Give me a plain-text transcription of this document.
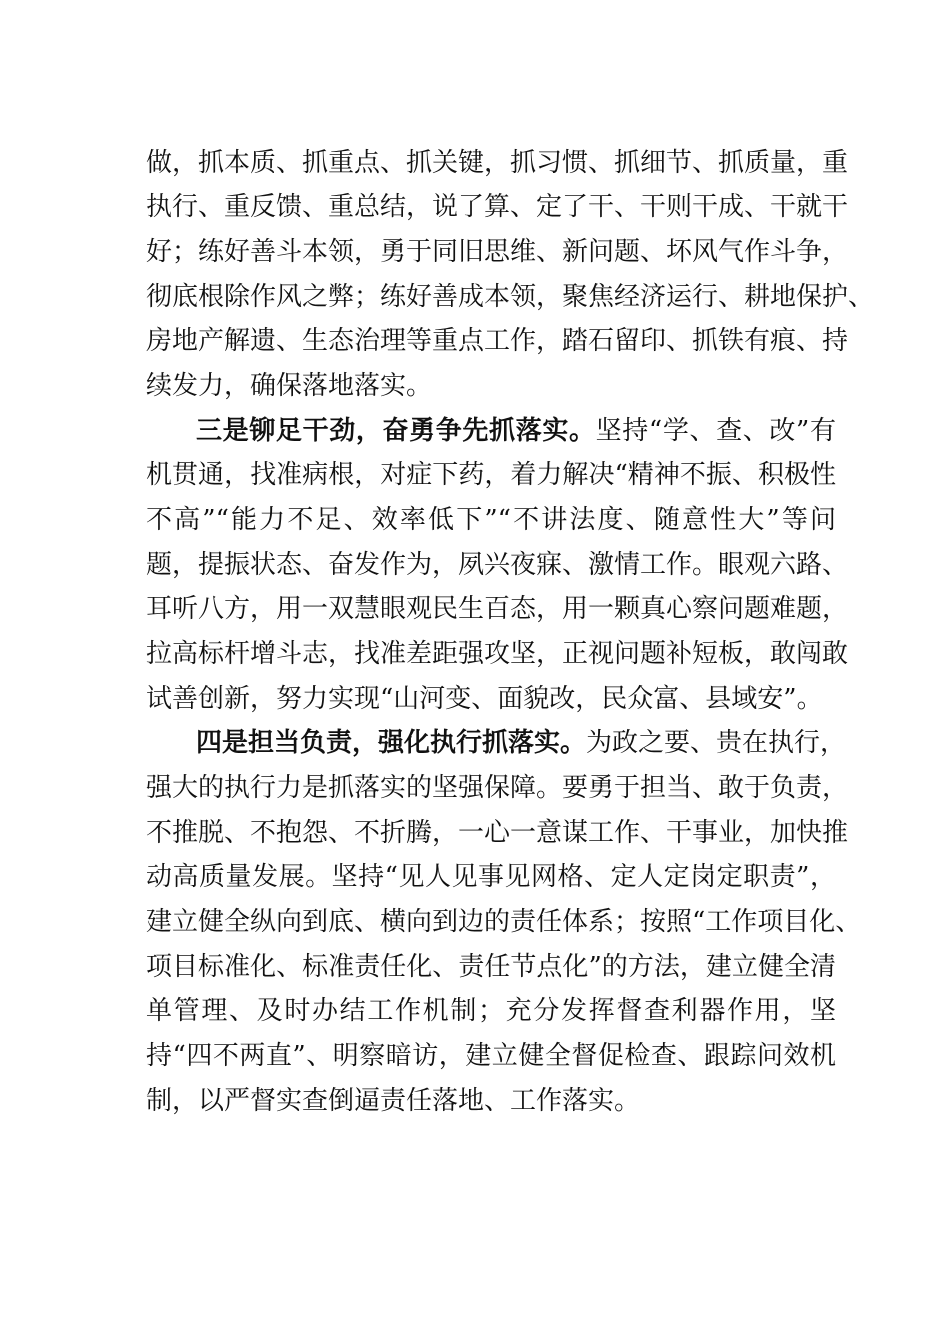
做，抓本质、抓重点、抓关键，抓习惯、抓细节、抓质量，重

执行、重反馈、重总结，说了算、定了干、干则干成、干就干

好；练好善斗本领，勇于同旧思维、新问题、坏风气作斗争，

彻底根除作风之弊；练好善成本领，聚焦经济运行、耕地保护、

房地产解遗、生态治理等重点工作，踏石留印、抓铁有痕、持

续发力，确保落地落实。

三是铆足干劲，奋勇争先抓落实。坚持“学、查、改”有

机贯通，找准病根，对症下药，着力解决“精神不振、积极性

不高”“能力不足、效率低下”“不讲法度、随意性大”等问

题，提振状态、奋发作为，夙兴夜寐、激情工作。眼观六路、

耳听八方，用一双慧眼观民生百态，用一颗真心察问题难题，

拉高标杆增斗志，找准差距强攻坚，正视问题补短板，敢闯敢

试善创新，努力实现“山河变、面貌改，民众富、县域安”。

四是担当负责，强化执行抓落实。为政之要、贵在执行，

强大的执行力是抓落实的坚强保障。要勇于担当、敢于负责，

不推脱、不抱怨、不折腾，一心一意谋工作、干事业，加快推

动高质量发展。坚持“见人见事见网格、定人定岗定职责”，

建立健全纵向到底、横向到边的责任体系；按照“工作项目化、

项目标准化、标准责任化、责任节点化”的方法，建立健全清

单管理、及时办结工作机制；充分发挥督查利器作用，坚

持“四不两直”、明察暗访，建立健全督促检查、跟踪问效机

制，以严督实查倒逼责任落地、工作落实。
